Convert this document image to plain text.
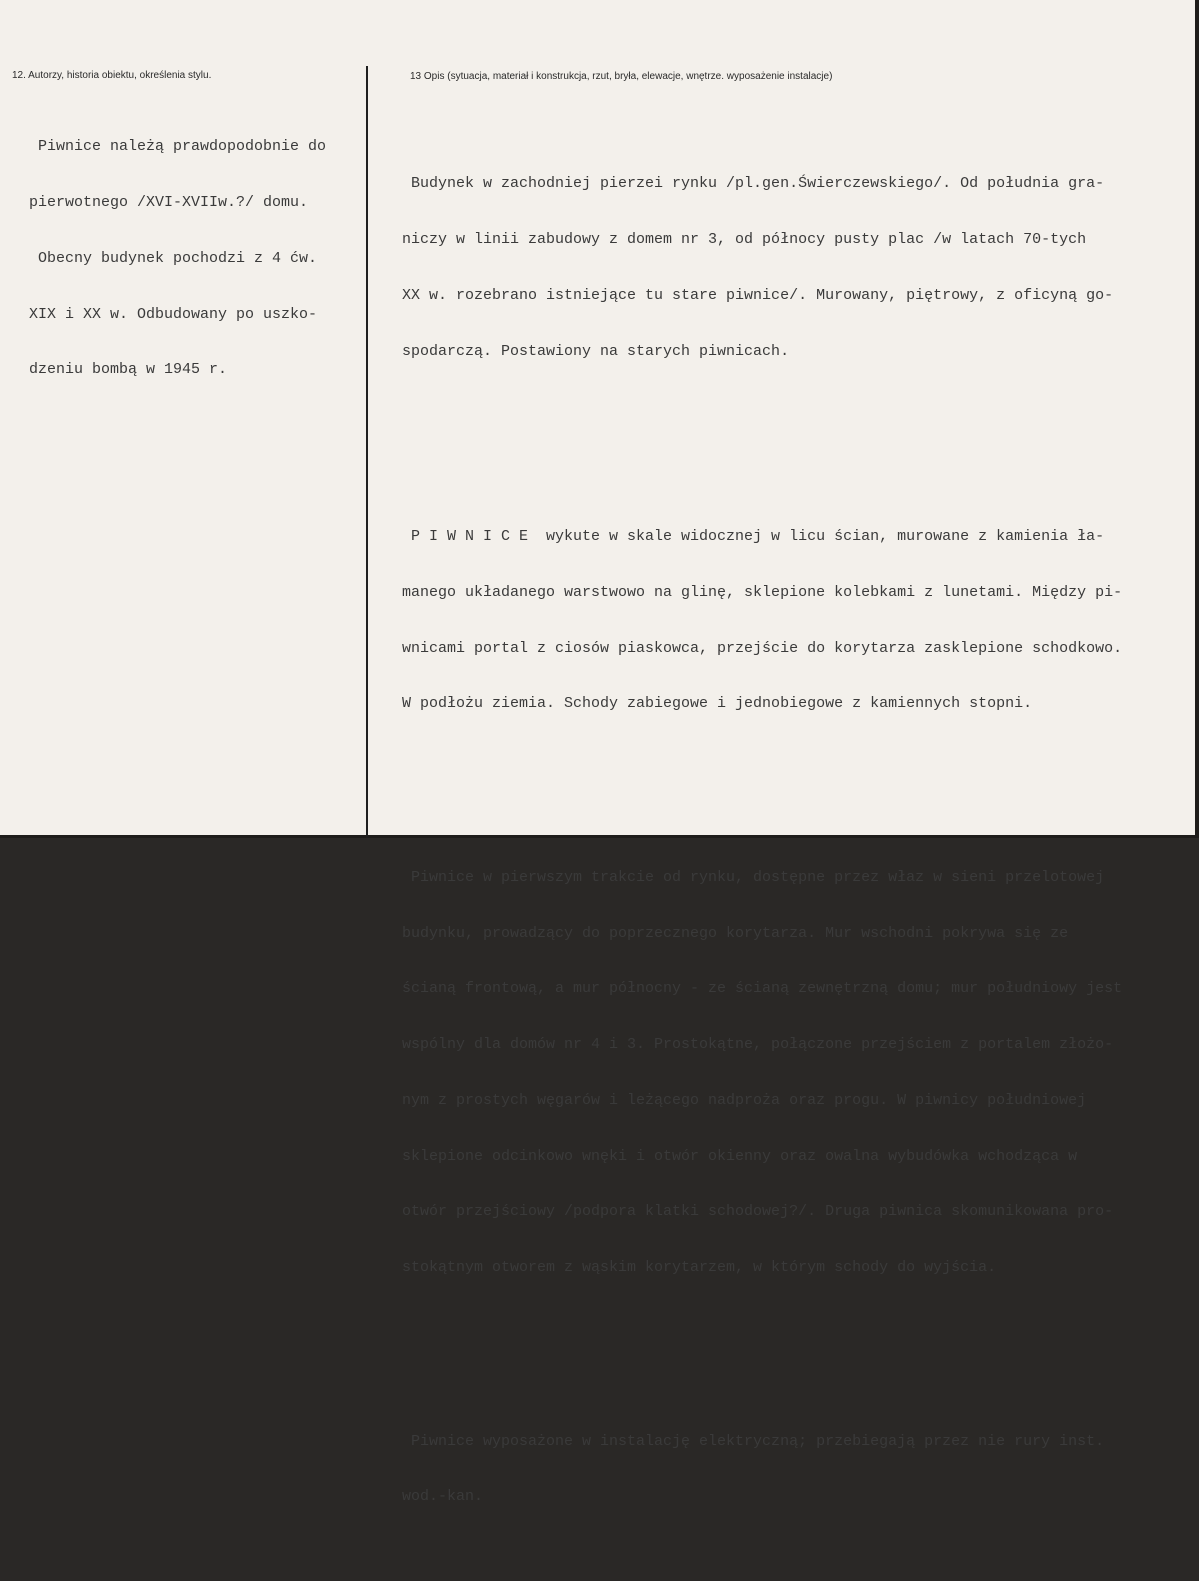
12. Autorzy, historia obiektu, określenia stylu.	13 Opis (sytuacja, materiał i konstrukcja, rzut, bryła, elewacje, wnętrze. wyposażenie instalacje)

Piwnice należą prawdopodobnie do

pierwotnego /XVI-XVIIw.?/ domu.

Obecny budynek pochodzi z 4 ćw.

XIX i XX w. Odbudowany po uszko-

dzeniu bombą w 1945 r.

Budynek w zachodniej pierzei rynku /pl.gen.Świerczewskiego/. Od południa gra-

niczy w linii zabudowy z domem nr 3, od północy pusty plac /w latach 70-tych

XX w. rozebrano istniejące tu stare piwnice/. Murowany, piętrowy, z oficyną go-

spodarczą. Postawiony na starych piwnicach.

P I W N I C E  wykute w skale widocznej w licu ścian, murowane z kamienia ła-

manego układanego warstwowo na glinę, sklepione kolebkami z lunetami. Między pi-

wnicami portal z ciosów piaskowca, przejście do korytarza zasklepione schodkowo.

W podłożu ziemia. Schody zabiegowe i jednobiegowe z kamiennych stopni.

Piwnice w pierwszym trakcie od rynku, dostępne przez właz w sieni przelotowej

budynku, prowadzący do poprzecznego korytarza. Mur wschodni pokrywa się ze

ścianą frontową, a mur północny - ze ścianą zewnętrzną domu; mur południowy jest

wspólny dla domów nr 4 i 3. Prostokątne, połączone przejściem z portalem złożo-

nym z prostych węgarów i leżącego nadproża oraz progu. W piwnicy południowej

sklepione odcinkowo wnęki i otwór okienny oraz owalna wybudówka wchodząca w

otwór przejściowy /podpora klatki schodowej?/. Druga piwnica skomunikowana pro-

stokątnym otworem z wąskim korytarzem, w którym schody do wyjścia.

Piwnice wyposażone w instalację elektryczną; przebiegają przez nie rury inst.

wod.-kan.
